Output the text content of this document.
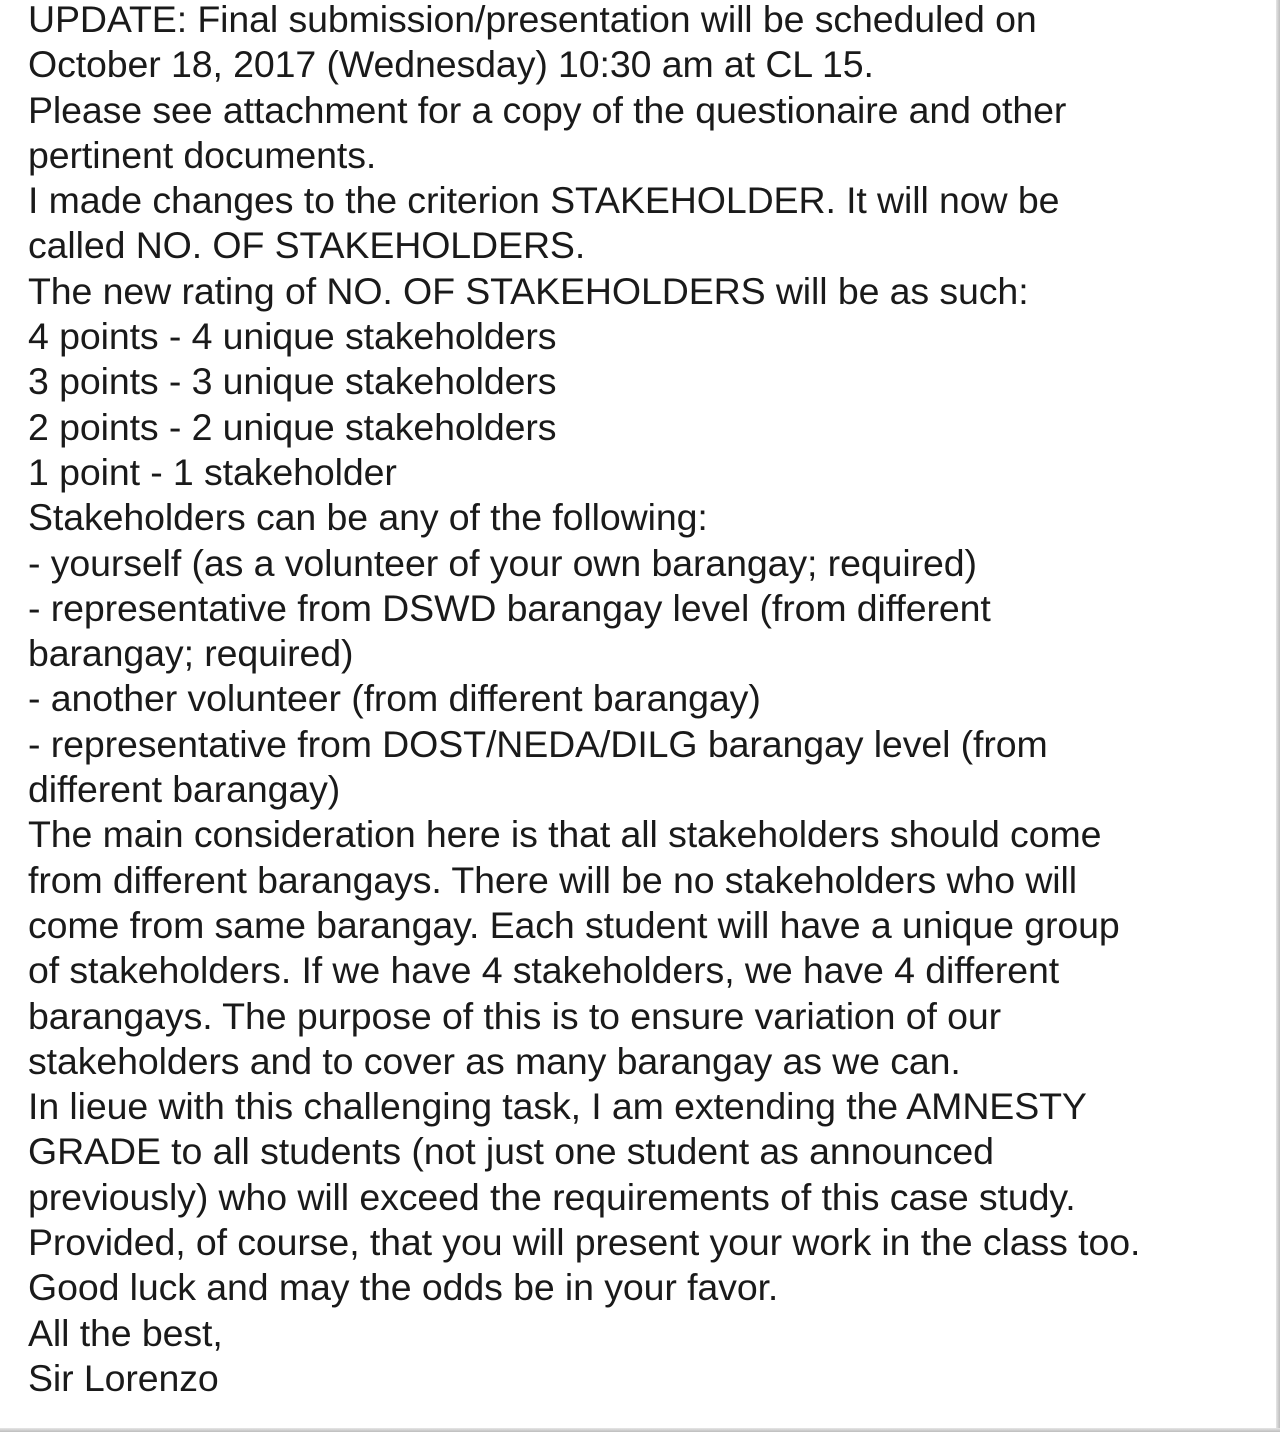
UPDATE: Final submission/presentation will be scheduled on
October 18, 2017 (Wednesday) 10:30 am at CL 15.
Please see attachment for a copy of the questionaire and other
pertinent documents.
I made changes to the criterion STAKEHOLDER. It will now be
called NO. OF STAKEHOLDERS.
The new rating of NO. OF STAKEHOLDERS will be as such:
4 points - 4 unique stakeholders
3 points - 3 unique stakeholders
2 points - 2 unique stakeholders
1 point - 1 stakeholder
Stakeholders can be any of the following:
- yourself (as a volunteer of your own barangay; required)
- representative from DSWD barangay level (from different
barangay; required)
- another volunteer (from different barangay)
- representative from DOST/NEDA/DILG barangay level (from
different barangay)
The main consideration here is that all stakeholders should come
from different barangays. There will be no stakeholders who will
come from same barangay. Each student will have a unique group
of stakeholders. If we have 4 stakeholders, we have 4 different
barangays. The purpose of this is to ensure variation of our
stakeholders and to cover as many barangay as we can.
In lieue with this challenging task, I am extending the AMNESTY
GRADE to all students (not just one student as announced
previously) who will exceed the requirements of this case study.
Provided, of course, that you will present your work in the class too.
Good luck and may the odds be in your favor.
All the best,
Sir Lorenzo
